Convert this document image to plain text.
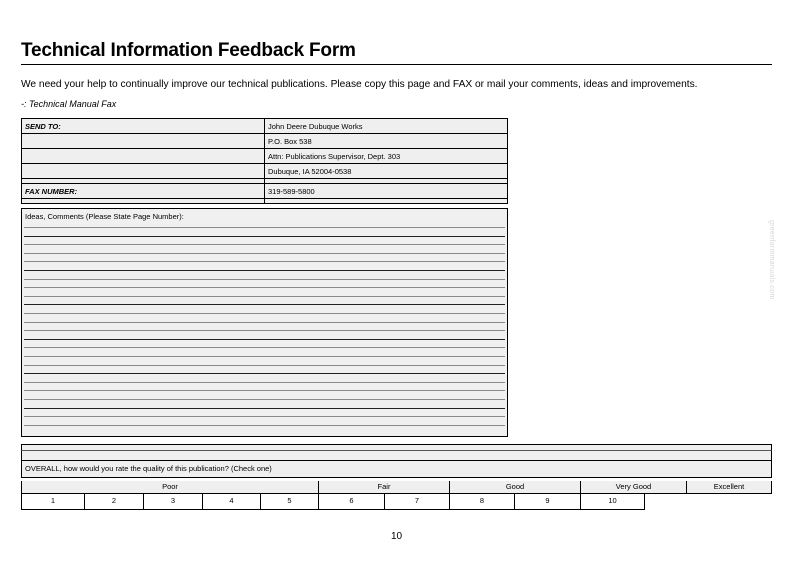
Technical Information Feedback Form
We need your help to continually improve our technical publications. Please copy this page and FAX or mail your comments, ideas and improvements.
-: Technical Manual Fax
SEND TO:	John Deere Dubuque Works
	P.O. Box 538
	Attn: Publications Supervisor, Dept. 303
	Dubuque, IA 52004-0538

FAX NUMBER:	319-589-5800

Ideas, Comments (Please State Page Number):
OVERALL, how would you rate the quality of this publication? (Check one)
Poor	Fair	Good	Very Good	Excellent
1	2	3	4	5	6	7	8	9	10
10
greenfarmmanuals.com
